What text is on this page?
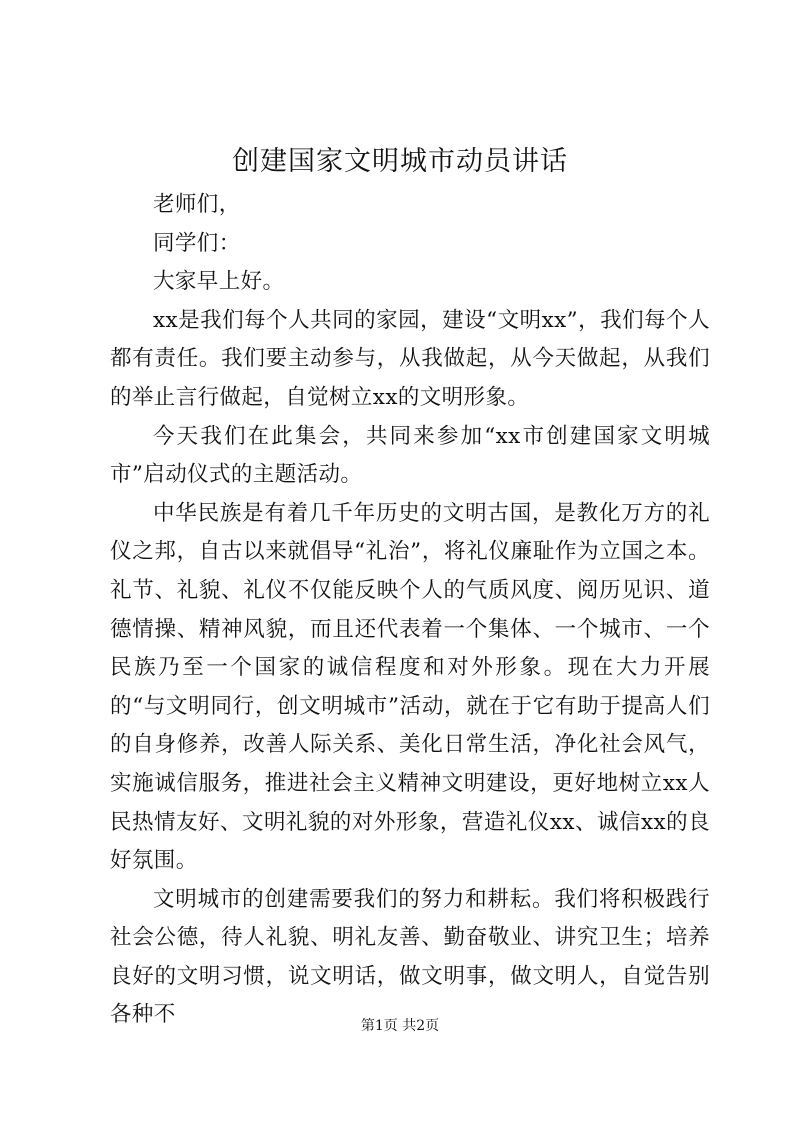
创建国家文明城市动员讲话

老师们，

同学们：

大家早上好。

xx是我们每个人共同的家园，建设“文明xx”，我们每个人都有责任。我们要主动参与，从我做起，从今天做起，从我们的举止言行做起，自觉树立xx的文明形象。

今天我们在此集会，共同来参加“xx市创建国家文明城市”启动仪式的主题活动。

中华民族是有着几千年历史的文明古国，是教化万方的礼仪之邦，自古以来就倡导“礼治”，将礼仪廉耻作为立国之本。礼节、礼貌、礼仪不仅能反映个人的气质风度、阅历见识、道德情操、精神风貌，而且还代表着一个集体、一个城市、一个民族乃至一个国家的诚信程度和对外形象。现在大力开展的“与文明同行，创文明城市”活动，就在于它有助于提高人们的自身修养，改善人际关系、美化日常生活，净化社会风气，实施诚信服务，推进社会主义精神文明建设，更好地树立xx人民热情友好、文明礼貌的对外形象，营造礼仪xx、诚信xx的良好氛围。

文明城市的创建需要我们的努力和耕耘。我们将积极践行社会公德，待人礼貌、明礼友善、勤奋敬业、讲究卫生；培养良好的文明习惯，说文明话，做文明事，做文明人，自觉告别各种不	第1页 共2页
